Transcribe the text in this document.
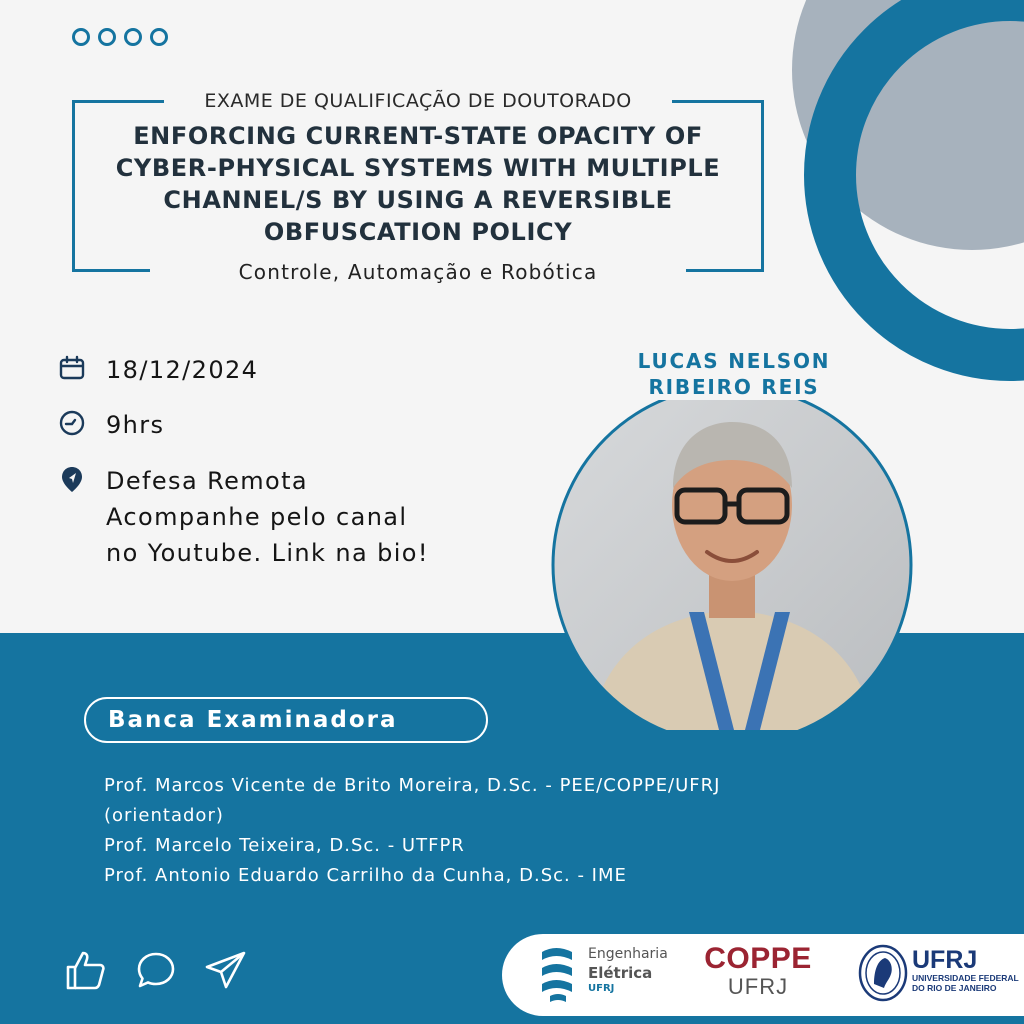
EXAME DE QUALIFICAÇÃO DE DOUTORADO
ENFORCING CURRENT-STATE OPACITY OF CYBER-PHYSICAL SYSTEMS WITH MULTIPLE CHANNEL/S BY USING A REVERSIBLE OBFUSCATION POLICY
Controle, Automação e Robótica
18/12/2024
9hrs
Defesa Remota
Acompanhe pelo canal
no Youtube. Link na bio!
LUCAS NELSON
RIBEIRO REIS
Banca Examinadora
Prof. Marcos Vicente de Brito Moreira, D.Sc. - PEE/COPPE/UFRJ
(orientador)
Prof. Marcelo Teixeira, D.Sc. - UTFPR
Prof. Antonio Eduardo Carrilho da Cunha, D.Sc. - IME
Engenharia
Elétrica
UFRJ
COPPE
UFRJ
UFRJ
UNIVERSIDADE FEDERAL
DO RIO DE JANEIRO
